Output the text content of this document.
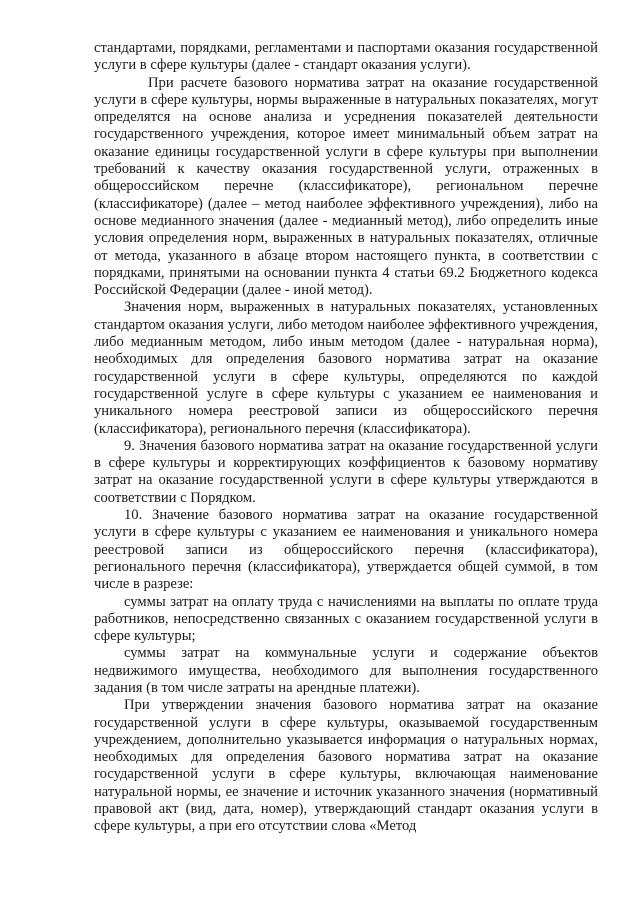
стандартами, порядками, регламентами и паспортами оказания государственной услуги в сфере культуры (далее - стандарт оказания услуги).

При расчете базового норматива затрат на оказание государственной услуги в сфере культуры, нормы выраженные в натуральных показателях, могут определятся на основе анализа и усреднения показателей деятельности государственного учреждения, которое имеет минимальный объем затрат на оказание единицы государственной услуги в сфере культуры при выполнении требований к качеству оказания государственной услуги, отраженных в общероссийском перечне (классификаторе), региональном перечне (классификаторе) (далее – метод наиболее эффективного учреждения), либо на основе медианного значения (далее - медианный метод), либо определить иные условия определения норм, выраженных в натуральных показателях, отличные от метода, указанного в абзаце втором настоящего пункта, в соответствии с порядками, принятыми на основании пункта 4 статьи 69.2 Бюджетного кодекса Российской Федерации (далее - иной метод).

Значения норм, выраженных в натуральных показателях, установленных стандартом оказания услуги, либо методом наиболее эффективного учреждения, либо медианным методом, либо иным методом (далее - натуральная норма), необходимых для определения базового норматива затрат на оказание государственной услуги в сфере культуры, определяются по каждой государственной услуге в сфере культуры с указанием ее наименования и уникального номера реестровой записи из общероссийского перечня (классификатора), регионального перечня (классификатора).

9. Значения базового норматива затрат на оказание государственной услуги в сфере культуры и корректирующих коэффициентов к базовому нормативу затрат на оказание государственной услуги в сфере культуры утверждаются в соответствии с Порядком.

10. Значение базового норматива затрат на оказание государственной услуги в сфере культуры с указанием ее наименования и уникального номера реестровой записи из общероссийского перечня (классификатора), регионального перечня (классификатора), утверждается общей суммой, в том числе в разрезе:

суммы затрат на оплату труда с начислениями на выплаты по оплате труда работников, непосредственно связанных с оказанием государственной услуги в сфере культуры;

суммы затрат на коммунальные услуги и содержание объектов недвижимого имущества, необходимого для выполнения государственного задания (в том числе затраты на арендные платежи).

При утверждении значения базового норматива затрат на оказание государственной услуги в сфере культуры, оказываемой государственным учреждением, дополнительно указывается информация о натуральных нормах, необходимых для определения базового норматива затрат на оказание государственной услуги в сфере культуры, включающая наименование натуральной нормы, ее значение и источник указанного значения (нормативный правовой акт (вид, дата, номер), утверждающий стандарт оказания услуги в сфере культуры, а при его отсутствии слова «Метод
